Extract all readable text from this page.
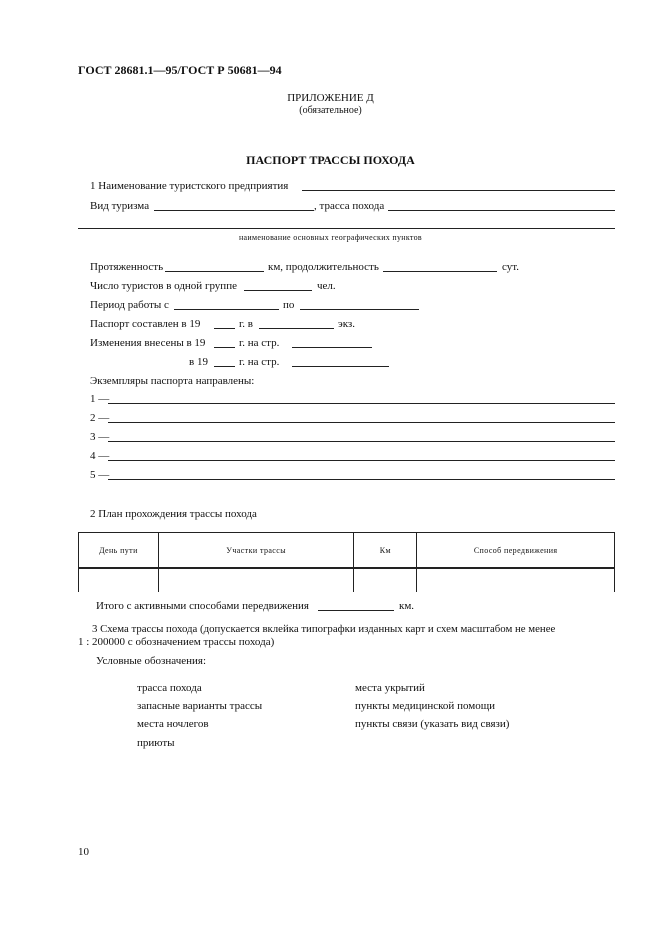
ГОСТ 28681.1—95/ГОСТ Р 50681—94
ПРИЛОЖЕНИЕ Д
(обязательное)
ПАСПОРТ ТРАССЫ ПОХОДА
1 Наименование туристского предприятия
Вид туризма	, трасса похода
наименование основных географических пунктов
Протяженность	км, продолжительность	сут.
Число туристов в одной группе	чел.
Период работы с	по
Паспорт составлен в 19	г. в	экз.
Изменения внесены в 19	г. на стр.
в 19	г. на стр.
Экземпляры паспорта направлены:
1 —
2 —
3 —
4 —
5 —
2 План прохождения трассы похода
День пути	Участки трассы	Км	Способ передвижения

Итого с активными способами передвижения	км.
3 Схема трассы похода (допускается вклейка типографки изданных карт и схем масштабом не менее
1 : 200000 с обозначением трассы похода)
Условные обозначения:
трасса похода
запасные варианты трассы
места ночлегов
приюты
места укрытий
пункты медицинской помощи
пункты связи (указать вид связи)
10
